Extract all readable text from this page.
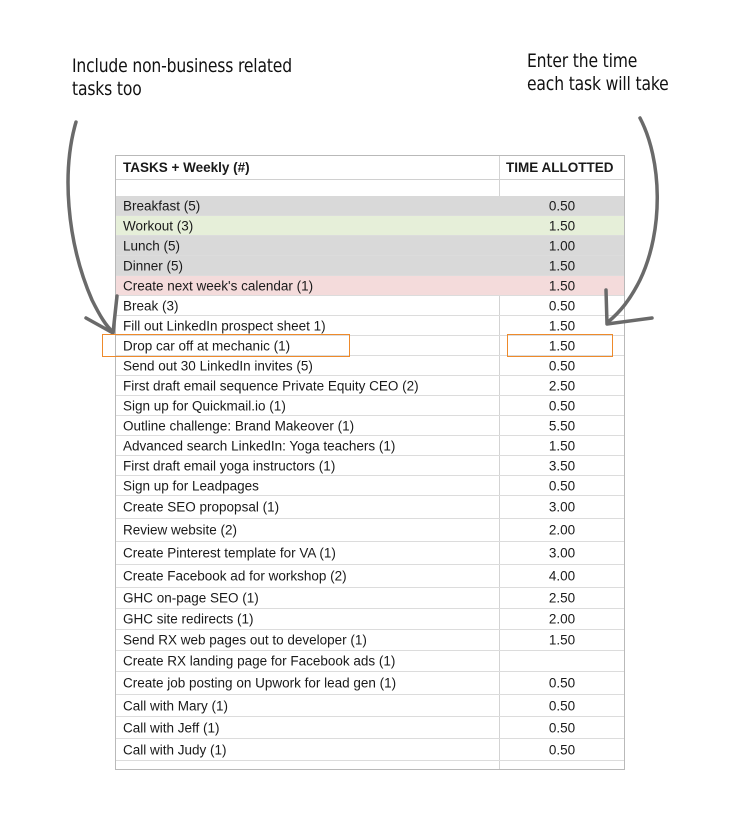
Include non-business related
tasks too
Enter the time
each task will take
TASKS + Weekly (#)	TIME ALLOTTED
Breakfast (5)	0.50
Workout (3)	1.50
Lunch (5)	1.00
Dinner (5)	1.50
Create next week's calendar (1)	1.50
Break (3)	0.50
Fill out LinkedIn prospect sheet 1)	1.50
Drop car off at mechanic (1)	1.50
Send out 30 LinkedIn invites (5)	0.50
First draft email sequence Private Equity CEO (2)	2.50
Sign up for Quickmail.io (1)	0.50
Outline challenge: Brand Makeover (1)	5.50
Advanced search LinkedIn: Yoga teachers (1)	1.50
First draft email yoga instructors (1)	3.50
Sign up for Leadpages	0.50
Create SEO propopsal (1)	3.00
Review website (2)	2.00
Create Pinterest template for VA (1)	3.00
Create Facebook ad for workshop (2)	4.00
GHC on-page SEO (1)	2.50
GHC site redirects (1)	2.00
Send RX web pages out to developer (1)	1.50
Create RX landing page for Facebook ads (1)
Create job posting on Upwork for lead gen (1)	0.50
Call with Mary (1)	0.50
Call with Jeff (1)	0.50
Call with Judy (1)	0.50
